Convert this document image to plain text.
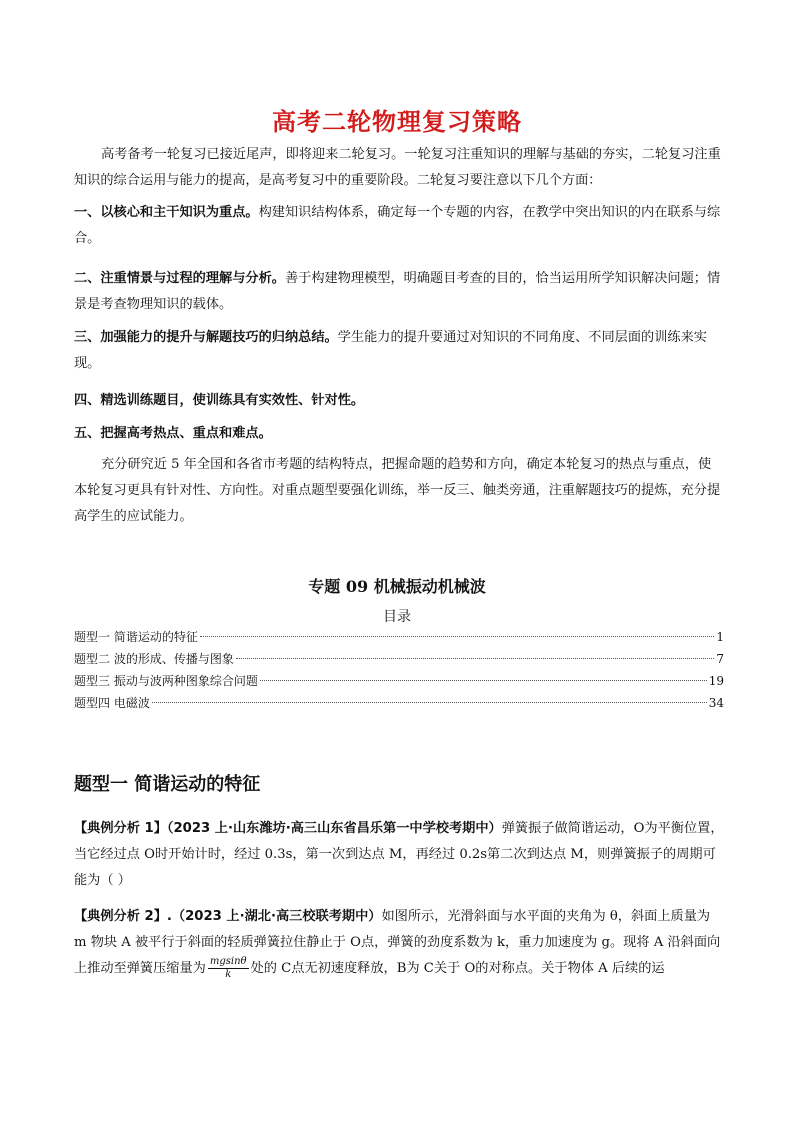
高考二轮物理复习策略
高考备考一轮复习已接近尾声，即将迎来二轮复习。一轮复习注重知识的理解与基础的夯实，二轮复习注重知识的综合运用与能力的提高，是高考复习中的重要阶段。二轮复习要注意以下几个方面：
一、以核心和主干知识为重点。构建知识结构体系，确定每一个专题的内容，在教学中突出知识的内在联系与综合。
二、注重情景与过程的理解与分析。善于构建物理模型，明确题目考查的目的，恰当运用所学知识解决问题；情景是考查物理知识的载体。
三、加强能力的提升与解题技巧的归纳总结。学生能力的提升要通过对知识的不同角度、不同层面的训练来实现。
四、精选训练题目，使训练具有实效性、针对性。
五、把握高考热点、重点和难点。
充分研究近 5 年全国和各省市考题的结构特点，把握命题的趋势和方向，确定本轮复习的热点与重点，使本轮复习更具有针对性、方向性。对重点题型要强化训练，举一反三、触类旁通，注重解题技巧的提炼，充分提高学生的应试能力。
专题 09 机械振动机械波
目录
题型一 简谐运动的特征	1
题型二 波的形成、传播与图象	7
题型三 振动与波两种图象综合问题	19
题型四 电磁波	34
题型一 简谐运动的特征
【典例分析 1】（2023 上·山东潍坊·高三山东省昌乐第一中学校考期中）弹簧振子做简谐运动，O为平衡位置，当它经过点 O时开始计时，经过 0.3s，第一次到达点 M，再经过 0.2s第二次到达点 M，则弹簧振子的周期可能为（ ）
【典例分析 2】.（2023 上·湖北·高三校联考期中）如图所示，光滑斜面与水平面的夹角为 θ，斜面上质量为 m 物块 A 被平行于斜面的轻质弹簧拉住静止于 O点，弹簧的劲度系数为 k，重力加速度为 g。现将 A 沿斜面向上推动至弹簧压缩量为 $\frac{mgsin\theta}{k}$ 处的 C点无初速度释放，B为 C关于 O的对称点。关于物体 A 后续的运
